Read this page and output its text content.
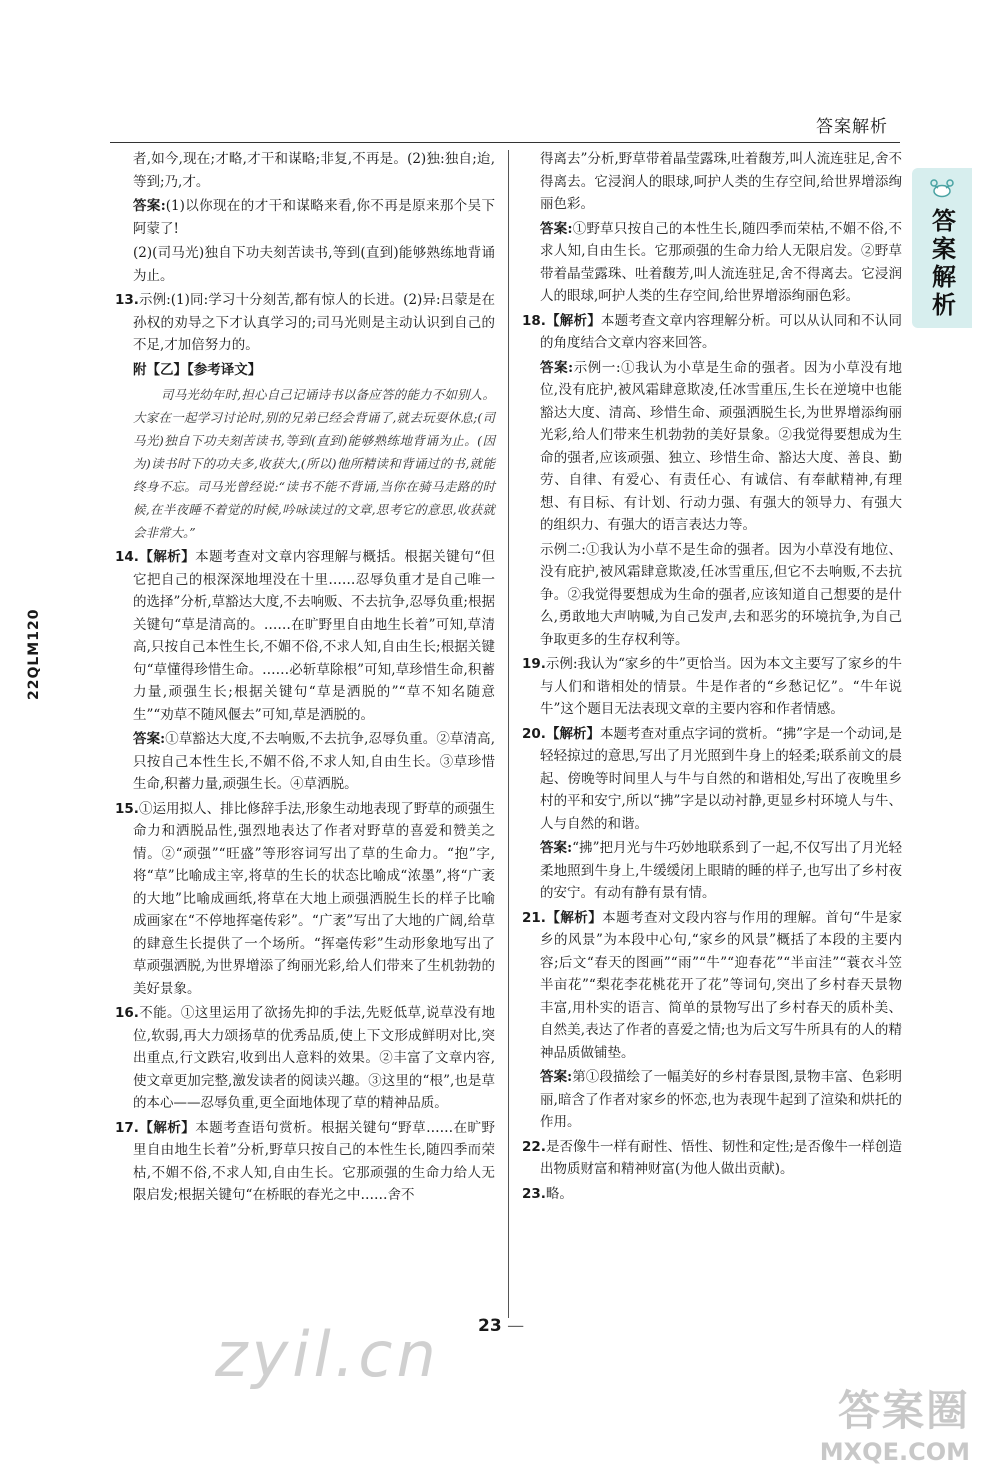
答案解析
答案解析
22QLM120

者,如今,现在;才略,才干和谋略;非复,不再是。(2)独:独自;迨,等到;乃,才。

答案:(1)以你现在的才干和谋略来看,你不再是原来那个吴下阿蒙了!

(2)(司马光)独自下功夫刻苦读书,等到(直到)能够熟练地背诵为止。

13.示例:(1)同:学习十分刻苦,都有惊人的长进。(2)异:吕蒙是在孙权的劝导之下才认真学习的;司马光则是主动认识到自己的不足,才加倍努力的。

附【乙】【参考译文】

司马光幼年时,担心自己记诵诗书以备应答的能力不如别人。大家在一起学习讨论时,别的兄弟已经会背诵了,就去玩耍休息;(司马光)独自下功夫刻苦读书,等到(直到)能够熟练地背诵为止。(因为)读书时下的功夫多,收获大,(所以)他所精读和背诵过的书,就能终身不忘。司马光曾经说:“读书不能不背诵,当你在骑马走路的时候,在半夜睡不着觉的时候,吟咏读过的文章,思考它的意思,收获就会非常大。”

14.【解析】本题考查对文章内容理解与概括。根据关键句“但它把自己的根深深地埋没在十里……忍辱负重才是自己唯一的选择”分析,草豁达大度,不去响贩、不去抗争,忍辱负重;根据关键句“草是清高的。……在旷野里自由地生长着”可知,草清高,只按自己本性生长,不媚不俗,不求人知,自由生长;根据关键句“草懂得珍惜生命。……必斩草除根”可知,草珍惜生命,积蓄力量,顽强生长;根据关键句“草是洒脱的”“草不知名随意生”“劝草不随风偃去”可知,草是洒脱的。

答案:①草豁达大度,不去响贩,不去抗争,忍辱负重。②草清高,只按自己本性生长,不媚不俗,不求人知,自由生长。③草珍惜生命,积蓄力量,顽强生长。④草洒脱。

15.①运用拟人、排比修辞手法,形象生动地表现了野草的顽强生命力和洒脱品性,强烈地表达了作者对野草的喜爱和赞美之情。②“顽强”“旺盛”等形容词写出了草的生命力。“抱”字,将“草”比喻成主宰,将草的生长的状态比喻成“浓墨”,将“广袤的大地”比喻成画纸,将草在大地上顽强洒脱生长的样子比喻成画家在“不停地挥毫传彩”。“广袤”写出了大地的广阔,给草的肆意生长提供了一个场所。“挥毫传彩”生动形象地写出了草顽强洒脱,为世界增添了绚丽光彩,给人们带来了生机勃勃的美好景象。

16.不能。①这里运用了欲扬先抑的手法,先贬低草,说草没有地位,软弱,再大力颂扬草的优秀品质,使上下文形成鲜明对比,突出重点,行文跌宕,收到出人意料的效果。②丰富了文章内容,使文章更加完整,激发读者的阅读兴趣。③这里的“根”,也是草的本心——忍辱负重,更全面地体现了草的精神品质。

17.【解析】本题考查语句赏析。根据关键句“野草……在旷野里自由地生长着”分析,野草只按自己的本性生长,随四季而荣枯,不媚不俗,不求人知,自由生长。它那顽强的生命力给人无限启发;根据关键句“在桥眠的春光之中……舍不

得离去”分析,野草带着晶莹露珠,吐着馥芳,叫人流连驻足,舍不得离去。它浸润人的眼球,呵护人类的生存空间,给世界增添绚丽色彩。

答案:①野草只按自己的本性生长,随四季而荣枯,不媚不俗,不求人知,自由生长。它那顽强的生命力给人无限启发。②野草带着晶莹露珠、吐着馥芳,叫人流连驻足,舍不得离去。它浸润人的眼球,呵护人类的生存空间,给世界增添绚丽色彩。

18.【解析】本题考查文章内容理解分析。可以从认同和不认同的角度结合文章内容来回答。

答案:示例一:①我认为小草是生命的强者。因为小草没有地位,没有庇护,被风霜肆意欺凌,任冰雪重压,生长在逆境中也能豁达大度、清高、珍惜生命、顽强洒脱生长,为世界增添绚丽光彩,给人们带来生机勃勃的美好景象。②我觉得要想成为生命的强者,应该顽强、独立、珍惜生命、豁达大度、善良、勤劳、自律、有爱心、有责任心、有诚信、有奉献精神,有理想、有目标、有计划、行动力强、有强大的领导力、有强大的组织力、有强大的语言表达力等。

示例二:①我认为小草不是生命的强者。因为小草没有地位、没有庇护,被风霜肆意欺凌,任冰雪重压,但它不去响贩,不去抗争。②我觉得要想成为生命的强者,应该知道自己想要的是什么,勇敢地大声呐喊,为自己发声,去和恶劣的环境抗争,为自己争取更多的生存权利等。

19.示例:我认为“家乡的牛”更恰当。因为本文主要写了家乡的牛与人们和谐相处的情景。牛是作者的“乡愁记忆”。“牛年说牛”这个题目无法表现文章的主要内容和作者情感。

20.【解析】本题考查对重点字词的赏析。“拂”字是一个动词,是轻轻掠过的意思,写出了月光照到牛身上的轻柔;联系前文的晨起、傍晚等时间里人与牛与自然的和谐相处,写出了夜晚里乡村的平和安宁,所以“拂”字是以动衬静,更显乡村环境人与牛、人与自然的和谐。

答案:“拂”把月光与牛巧妙地联系到了一起,不仅写出了月光轻柔地照到牛身上,牛缓缓闭上眼睛的睡的样子,也写出了乡村夜的安宁。有动有静有景有情。

21.【解析】本题考查对文段内容与作用的理解。首句“牛是家乡的风景”为本段中心句,“家乡的风景”概括了本段的主要内容;后文“春天的图画”“雨”“牛”“迎春花”“半亩洼”“蓑衣斗笠半亩花”“梨花李花桃花开了花”等词句,突出了乡村春天景物丰富,用朴实的语言、简单的景物写出了乡村春天的质朴美、自然美,表达了作者的喜爱之情;也为后文写牛所具有的人的精神品质做铺垫。

答案:第①段描绘了一幅美好的乡村春景图,景物丰富、色彩明丽,暗含了作者对家乡的怀恋,也为表现牛起到了渲染和烘托的作用。

22.是否像牛一样有耐性、悟性、韧性和定性;是否像牛一样创造出物质财富和精神财富(为他人做出贡献)。

23.略。

23 —
zyil.cn
答案圈
MXQE.COM
